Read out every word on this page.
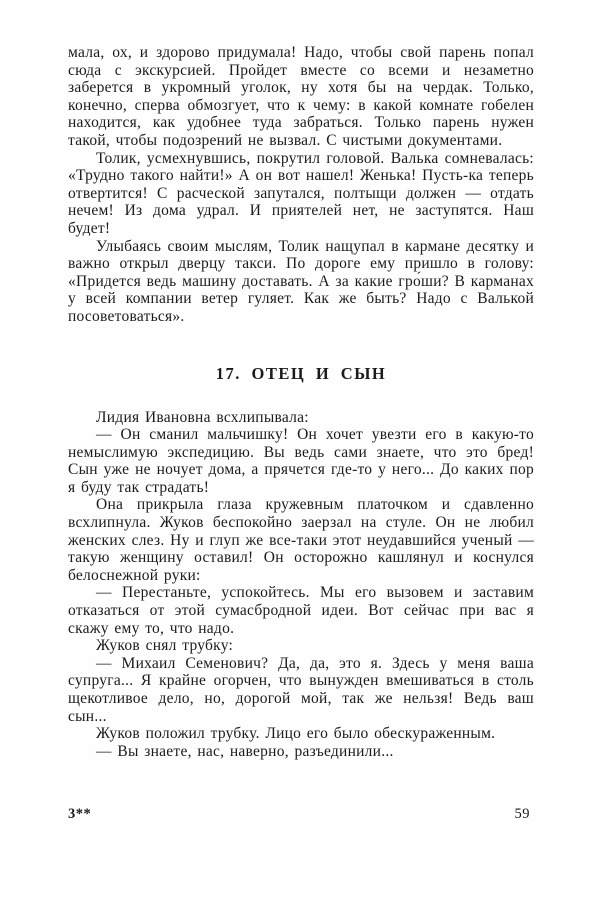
мала, ох, и здорово придумала! Надо, чтобы свой парень попал сюда с экскурсией. Пройдет вместе со всеми и незаметно заберется в укромный уголок, ну хотя бы на чердак. Только, конечно, сперва обмозгует, что к чему: в какой комнате гобелен находится, как удобнее туда забраться. Только парень нужен такой, чтобы подозрений не вызвал. С чистыми документами.

Толик, усмехнувшись, покрутил головой. Валька сомневалась: «Трудно такого найти!» А он вот нашел! Женька! Пусть-ка теперь отвертится! С расческой запутался, полтыщи должен — отдать нечем! Из дома удрал. И приятелей нет, не заступятся. Наш будет!

Улыбаясь своим мыслям, Толик нащупал в кармане десятку и важно открыл дверцу такси. По дороге ему пришло в голову: «Придется ведь машину доставать. А за какие гро́ши? В карманах у всей компании ветер гуляет. Как же быть? Надо с Валькой посоветоваться».

17. ОТЕЦ И СЫН

Лидия Ивановна всхлипывала:

— Он сманил мальчишку! Он хочет увезти его в какую-то немыслимую экспедицию. Вы ведь сами знаете, что это бред! Сын уже не ночует дома, а прячется где-то у него... До каких пор я буду так страдать!

Она прикрыла глаза кружевным платочком и сдавленно всхлипнула. Жуков беспокойно заерзал на стуле. Он не любил женских слез. Ну и глуп же все-таки этот неудавшийся ученый — такую женщину оставил! Он осторожно кашлянул и коснулся белоснежной руки:

— Перестаньте, успокойтесь. Мы его вызовем и заставим отказаться от этой сумасбродной идеи. Вот сейчас при вас я скажу ему то, что надо.

Жуков снял трубку:

— Михаил Семенович? Да, да, это я. Здесь у меня ваша супруга... Я крайне огорчен, что вынужден вмешиваться в столь щекотливое дело, но, дорогой мой, так же нельзя! Ведь ваш сын...

Жуков положил трубку. Лицо его было обескураженным.

— Вы знаете, нас, наверно, разъединили...

3**	59
